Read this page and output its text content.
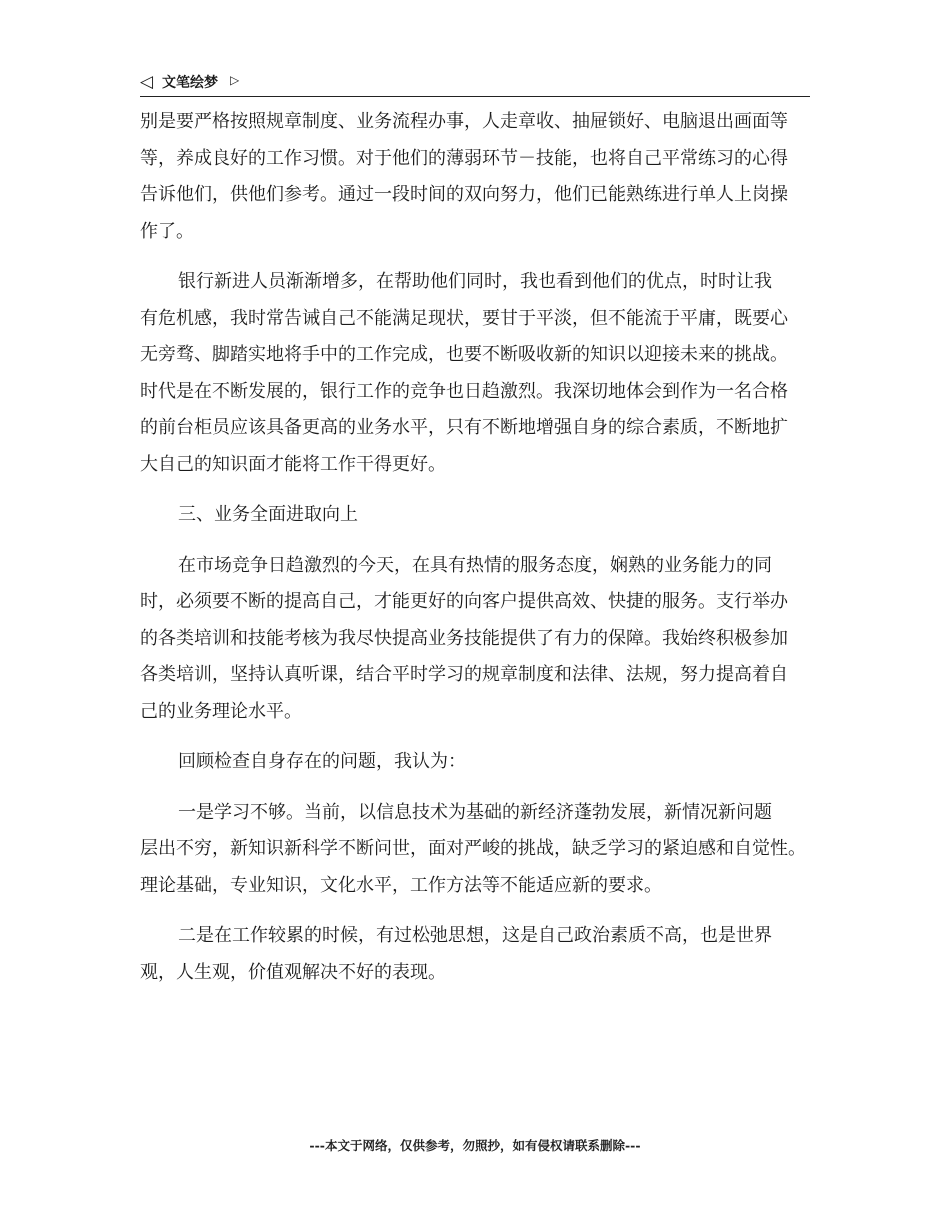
◁ 文笔绘梦 ▷
别是要严格按照规章制度、业务流程办事，人走章收、抽屉锁好、电脑退出画面等
等，养成良好的工作习惯。对于他们的薄弱环节－技能，也将自己平常练习的心得
告诉他们，供他们参考。通过一段时间的双向努力，他们已能熟练进行单人上岗操
作了。
银行新进人员渐渐增多，在帮助他们同时，我也看到他们的优点，时时让我
有危机感，我时常告诫自己不能满足现状，要甘于平淡，但不能流于平庸，既要心
无旁骛、脚踏实地将手中的工作完成，也要不断吸收新的知识以迎接未来的挑战。
时代是在不断发展的，银行工作的竞争也日趋激烈。我深切地体会到作为一名合格
的前台柜员应该具备更高的业务水平，只有不断地增强自身的综合素质，不断地扩
大自己的知识面才能将工作干得更好。
三、业务全面进取向上
在市场竞争日趋激烈的今天，在具有热情的服务态度，娴熟的业务能力的同
时，必须要不断的提高自己，才能更好的向客户提供高效、快捷的服务。支行举办
的各类培训和技能考核为我尽快提高业务技能提供了有力的保障。我始终积极参加
各类培训，坚持认真听课，结合平时学习的规章制度和法律、法规，努力提高着自
己的业务理论水平。
回顾检查自身存在的问题，我认为：
一是学习不够。当前，以信息技术为基础的新经济蓬勃发展，新情况新问题
层出不穷，新知识新科学不断问世，面对严峻的挑战，缺乏学习的紧迫感和自觉性。
理论基础，专业知识，文化水平，工作方法等不能适应新的要求。
二是在工作较累的时候，有过松弛思想，这是自己政治素质不高，也是世界
观，人生观，价值观解决不好的表现。
---本文于网络，仅供参考，勿照抄，如有侵权请联系删除---
